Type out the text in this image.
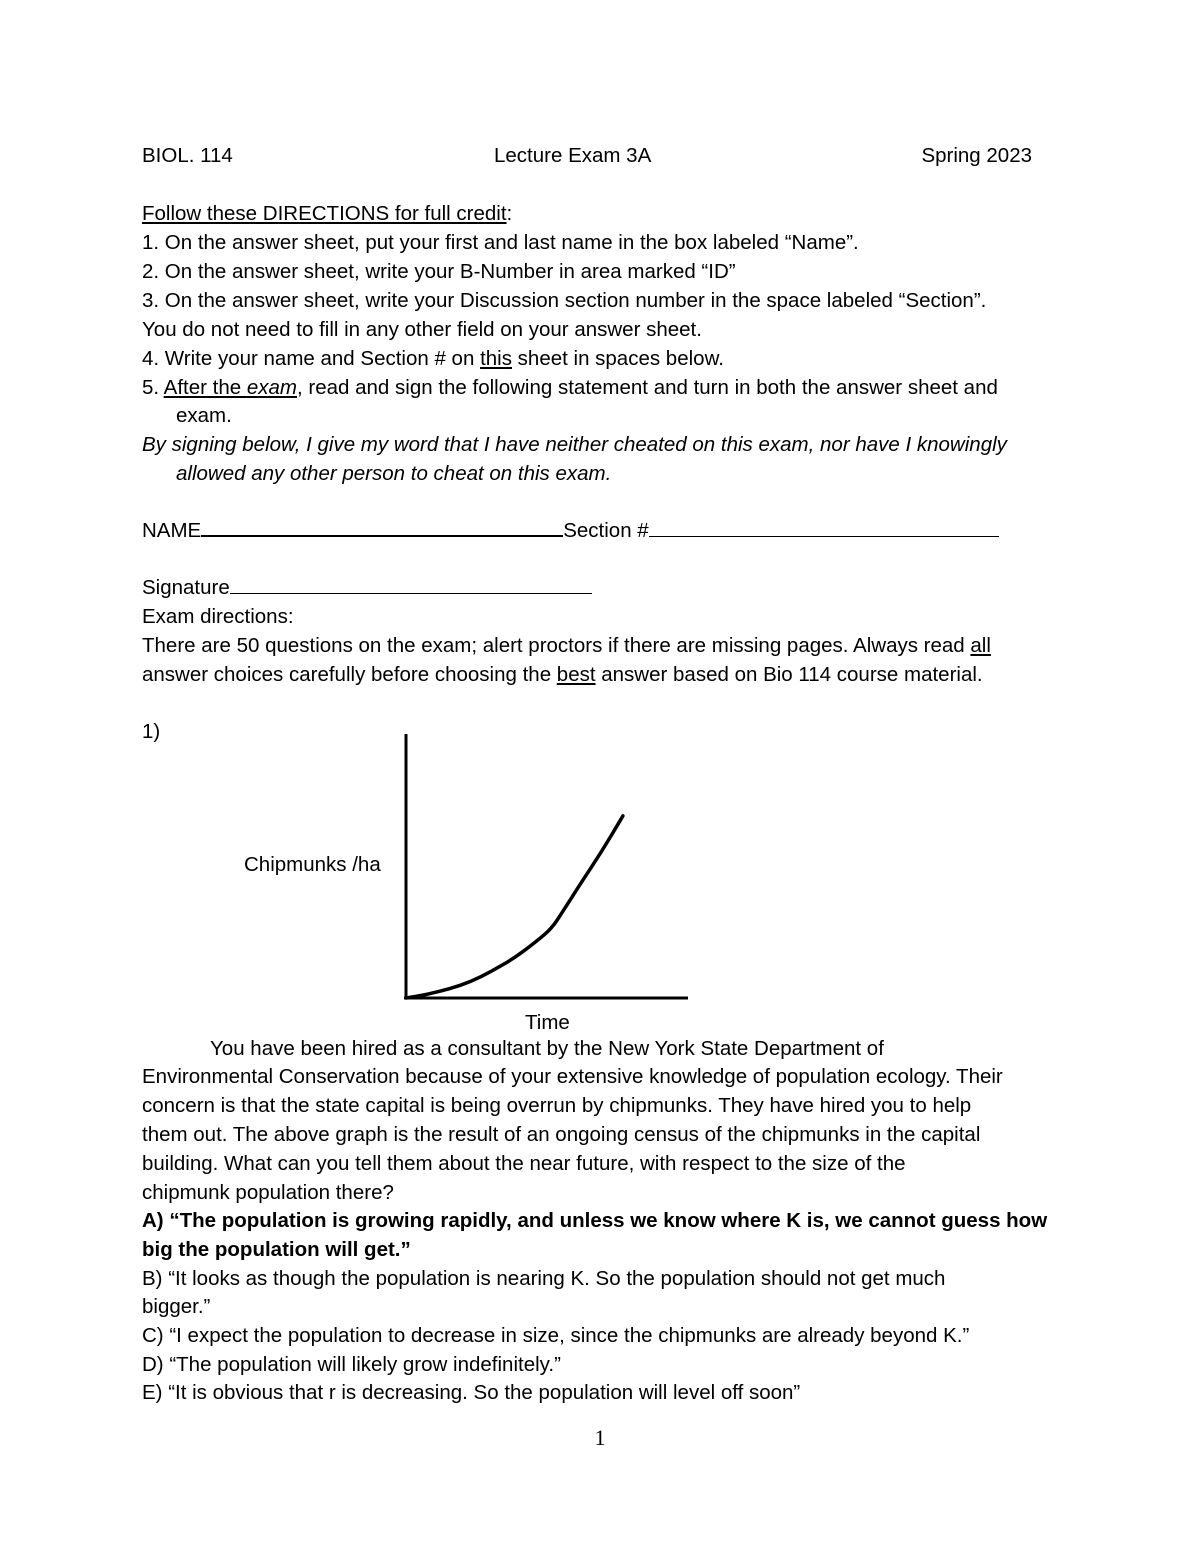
BIOL. 114	Lecture Exam 3A	Spring 2023
Follow these DIRECTIONS for full credit:
1. On the answer sheet, put your first and last name in the box labeled “Name”.
2. On the answer sheet, write your B-Number in area marked “ID”
3. On the answer sheet, write your Discussion section number in the space labeled “Section”.
You do not need to fill in any other field on your answer sheet.
4. Write your name and Section # on this sheet in spaces below.
5. After the exam, read and sign the following statement and turn in both the answer sheet and
exam.
By signing below, I give my word that I have neither cheated on this exam, nor have I knowingly
allowed any other person to cheat on this exam.
NAME	Section #
Signature
Exam directions:
There are 50 questions on the exam; alert proctors if there are missing pages. Always read all
answer choices carefully before choosing the best answer based on Bio 114 course material.
1)
Chipmunks /ha
Time
You have been hired as a consultant by the New York State Department of
Environmental Conservation because of your extensive knowledge of population ecology. Their
concern is that the state capital is being overrun by chipmunks. They have hired you to help
them out. The above graph is the result of an ongoing census of the chipmunks in the capital
building. What can you tell them about the near future, with respect to the size of the
chipmunk population there?
A) “The population is growing rapidly, and unless we know where K is, we cannot guess how
big the population will get.”
B) “It looks as though the population is nearing K. So the population should not get much
bigger.”
C) “I expect the population to decrease in size, since the chipmunks are already beyond K.”
D) “The population will likely grow indefinitely.”
E) “It is obvious that r is decreasing. So the population will level off soon”
1
